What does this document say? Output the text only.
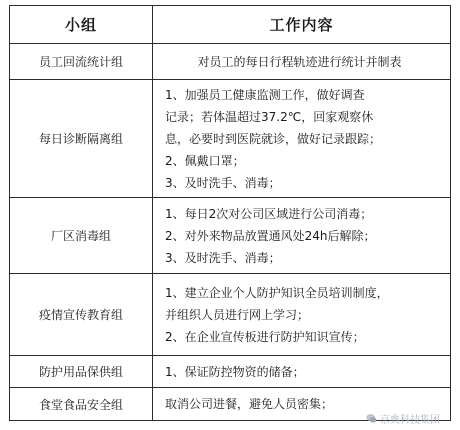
小组	工作内容
员工回流统计组	对员工的每日行程轨迹进行统计并制表

每日诊断隔离组	1、加强员工健康监测工作，做好调查
记录；若体温超过37.2℃，回家观察休
息，必要时到医院就诊，做好记录跟踪；
2、佩戴口罩；
3、及时洗手、消毒；

厂区消毒组	1、每日2次对公司区域进行公司消毒；
2、对外来物品放置通风处24h后解除；
3、及时洗手、消毒；

疫情宣传教育组	1、建立企业个人防护知识全员培训制度，
并组织人员进行网上学习；
2、在企业宣传板进行防护知识宣传；

防护用品保供组	1、保证防控物资的储备；

食堂食品安全组	取消公司进餐，避免人员密集；
京典科技集团
